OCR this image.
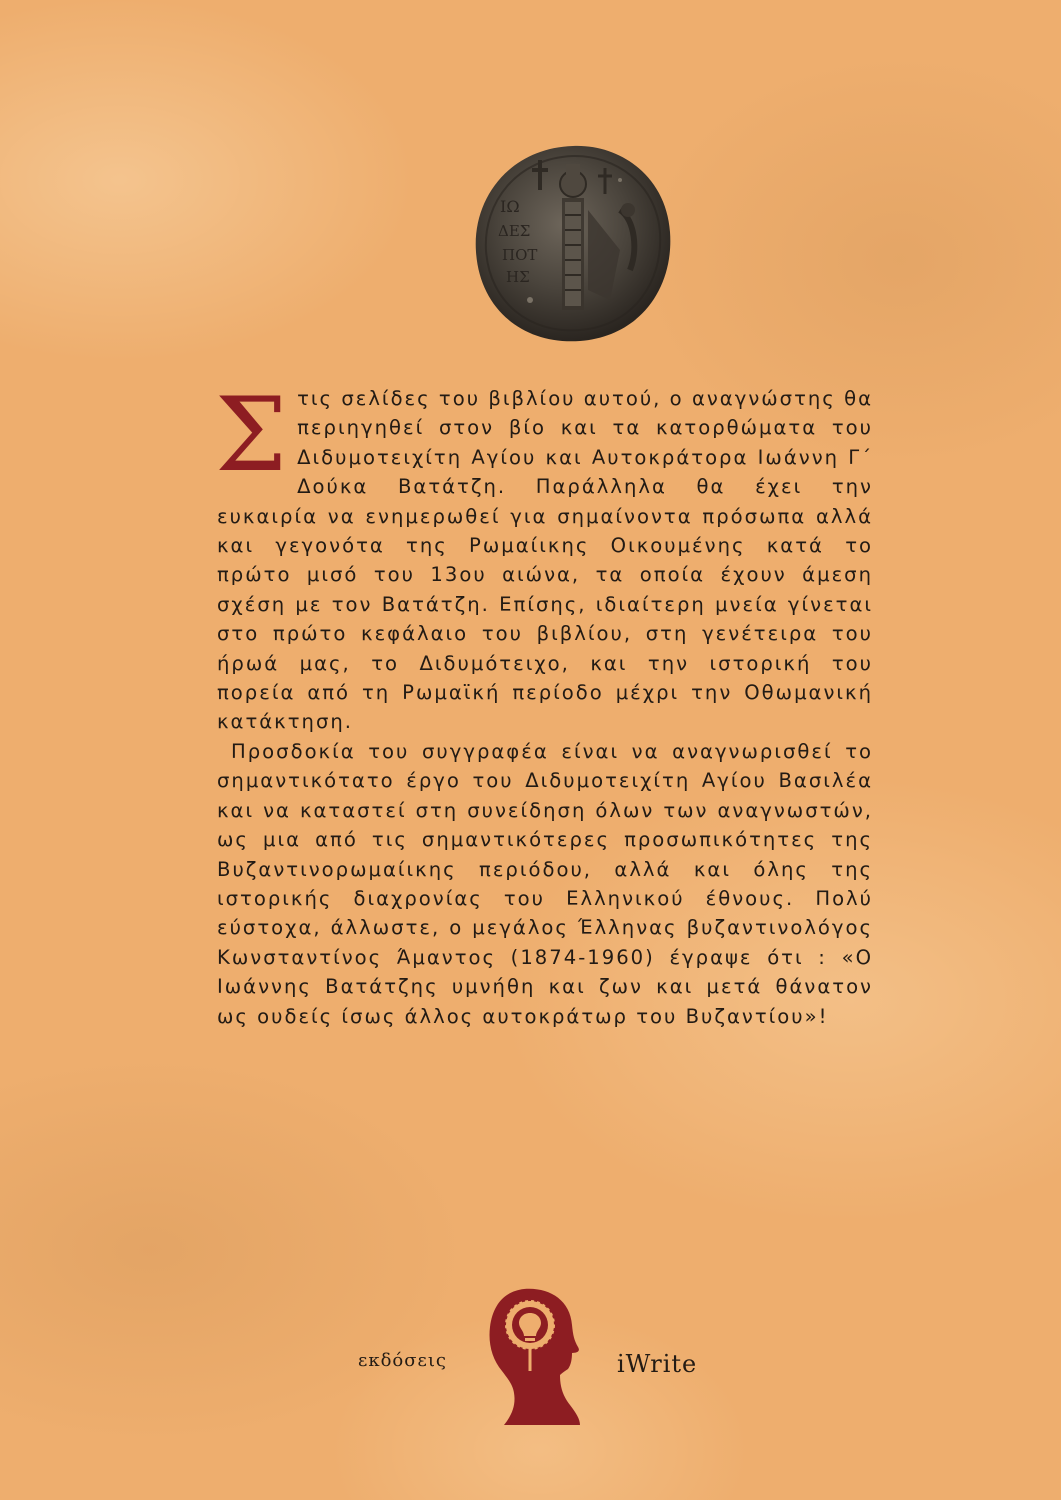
ΙΩ
ΔΕΣ
ΠΟΤ
ΗΣ

Στις σελίδες του βιβλίου αυτού, ο αναγνώστης θα περιηγηθεί στον βίο και τα κατορθώματα του Διδυμοτειχίτη Αγίου και Αυτοκράτορα Ιωάννη Γ΄ Δούκα Βατάτζη. Παράλληλα θα έχει την ευκαιρία να ενημερωθεί για σημαίνοντα πρόσωπα αλλά και γεγονότα της Ρωμαίικης Οικουμένης κατά το πρώτο μισό του 13ου αιώνα, τα οποία έχουν άμεση σχέση με τον Βατάτζη. Επίσης, ιδιαίτερη μνεία γίνεται στο πρώτο κεφάλαιο του βιβλίου, στη γενέτειρα του ήρωά μας, το Διδυμότειχο, και την ιστορική του πορεία από τη Ρωμαϊκή περίοδο μέχρι την Οθωμανική κατάκτηση.

Προσδοκία του συγγραφέα είναι να αναγνωρισθεί το σημαντικότατο έργο του Διδυμοτειχίτη Αγίου Βασιλέα και να καταστεί στη συνείδηση όλων των αναγνωστών, ως μια από τις σημαντικότερες προσωπικότητες της Βυζαντινορωμαίικης περιόδου, αλλά και όλης της ιστορικής διαχρονίας του Ελληνικού έθνους. Πολύ εύστοχα, άλλωστε, ο μεγάλος Έλληνας βυζαντινολόγος Κωνσταντίνος Άμαντος (1874-1960) έγραψε ότι : «Ο Ιωάννης Βατάτζης υμνήθη και ζων και μετά θάνατον ως ουδείς ίσως άλλος αυτοκράτωρ του Βυζαντίου»!

εκδόσεις	iWrite
